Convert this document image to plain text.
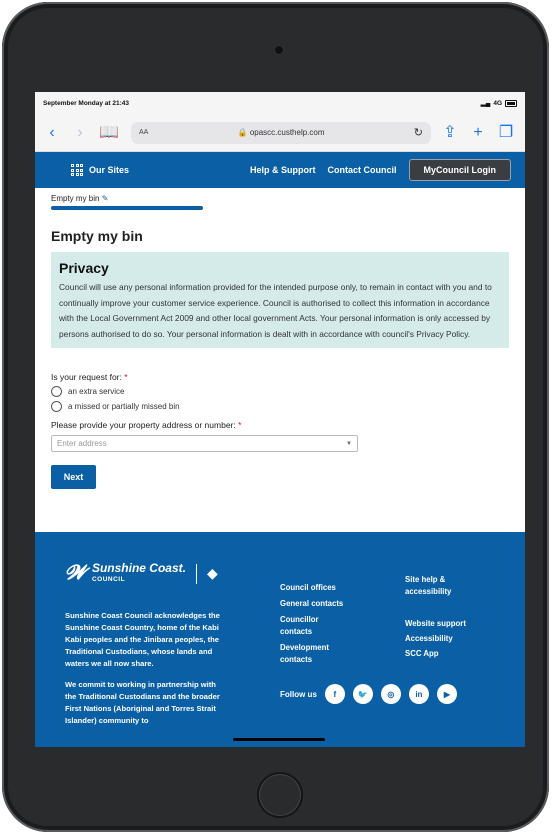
September Monday at 21:43	▂▄ 4G
‹	›	📖	AA	🔒 opascc.custhelp.com	↻ ⇪ + ❐
Our Sites	Help & Support Contact Council	MyCouncil Login
Empty my bin ✎
Empty my bin
Privacy

Council will use any personal information provided for the intended purpose only, to remain in contact with you and to continually improve your customer service experience. Council is authorised to collect this information in accordance with the Local Government Act 2009 and other local government Acts. Your personal information is only accessed by persons authorised to do so. Your personal information is dealt with in accordance with council's Privacy Policy.

Is your request for: *
an extra service
a missed or partially missed bin
Please provide your property address or number: *
Enter address	▼
Next
𝓦 Sunshine Coast.
COUNCIL	◆

Sunshine Coast Council acknowledges the Sunshine Coast Country, home of the Kabi Kabi peoples and the Jinibara peoples, the Traditional Custodians, whose lands and waters we all now share.

We commit to working in partnership with the Traditional Custodians and the broader First Nations (Aboriginal and Torres Strait Islander) community to

Council offices
General contacts
Councillor contacts
Development contacts
Site help & accessibility
Website support
Accessibility
SCC App
Follow us	f	🐦	◎	in	▶
